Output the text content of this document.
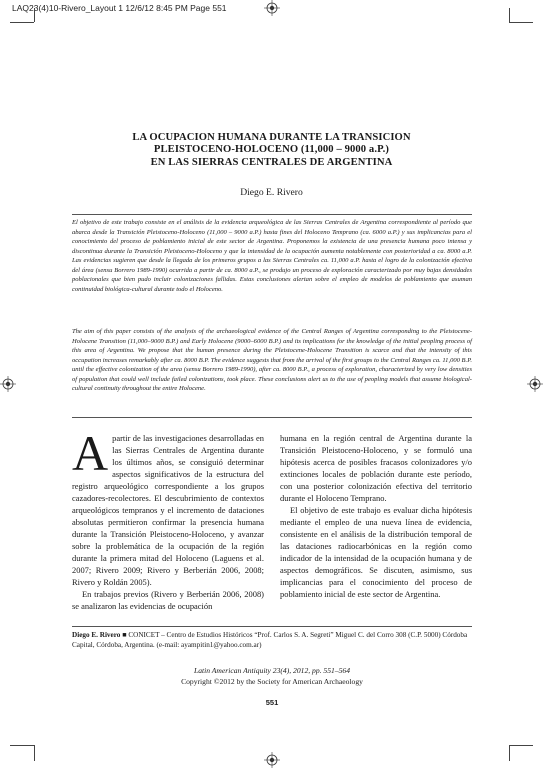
LAQ23(4)10-Rivero_Layout 1 12/6/12 8:45 PM Page 551
LA OCUPACION HUMANA DURANTE LA TRANSICION
PLEISTOCENO-HOLOCENO (11,000 – 9000 a.P.)
EN LAS SIERRAS CENTRALES DE ARGENTINA
Diego E. Rivero
El objetivo de este trabajo consiste en el análisis de la evidencia arqueológica de las Sierras Centrales de Argentina correspondiente al período que abarca desde la Transición Pleistoceno-Holoceno (11,000 – 9000 a.P.) hasta fines del Holoceno Temprano (ca. 6000 a.P.) y sus implicancias para el conocimiento del proceso de poblamiento inicial de este sector de Argentina. Proponemos la existencia de una presencia humana poco intensa y discontinua durante la Transición Pleistoceno-Holoceno y que la intensidad de la ocupación aumenta notablemente con posterioridad a ca. 8000 a.P. Las evidencias sugieren que desde la llegada de los primeros grupos a las Sierras Centrales ca. 11,000 a.P. hasta el logro de la colonización efectiva del área (sensu Borrero 1989-1990) ocurrida a partir de ca. 8000 a.P., se produjo un proceso de exploración caracterizado por muy bajas densidades poblacionales que bien pudo incluir colonizaciones fallidas. Estas conclusiones alertan sobre el empleo de modelos de poblamiento que asuman continuidad biológica-cultural durante todo el Holoceno.
The aim of this paper consists of the analysis of the archaeological evidence of the Central Ranges of Argentina corresponding to the Pleistocene-Holocene Transition (11,000–9000 B.P.) and Early Holocene (9000–6000 B.P.) and its implications for the knowledge of the initial peopling process of this area of Argentina. We propose that the human presence during the Pleistocene-Holocene Transition is scarce and that the intensity of this occupation increases remarkably after ca. 8000 B.P. The evidence suggests that from the arrival of the first groups to the Central Ranges ca. 11,000 B.P. until the effective colonization of the area (sensu Borrero 1989-1990), after ca. 8000 B.P., a process of exploration, characterized by very low densities of population that could well include failed colonizations, took place. These conclusions alert us to the use of peopling models that assume biological-cultural continuity throughout the entire Holocene.

Apartir de las investigaciones desarrolladas en las Sierras Centrales de Argentina durante los últimos años, se consiguió determinar aspectos significativos de la estructura del registro arqueológico correspondiente a los grupos cazadores-recolectores. El descubrimiento de contextos arqueológicos tempranos y el incremento de dataciones absolutas permitieron confirmar la presencia humana durante la Transición Pleistoceno-Holoceno, y avanzar sobre la problemática de la ocupación de la región durante la primera mitad del Holoceno (Laguens et al. 2007; Rivero 2009; Rivero y Berberián 2006, 2008; Rivero y Roldán 2005).

En trabajos previos (Rivero y Berberián 2006, 2008) se analizaron las evidencias de ocupación

humana en la región central de Argentina durante la Transición Pleistoceno-Holoceno, y se formuló una hipótesis acerca de posibles fracasos colonizadores y/o extinciones locales de población durante este período, con una posterior colonización efectiva del territorio durante el Holoceno Temprano.

El objetivo de este trabajo es evaluar dicha hipótesis mediante el empleo de una nueva línea de evidencia, consistente en el análisis de la distribución temporal de las dataciones radiocarbónicas en la región como indicador de la intensidad de la ocupación humana y de aspectos demográficos. Se discuten, asimismo, sus implicancias para el conocimiento del proceso de poblamiento inicial de este sector de Argentina.

Diego E. Rivero ■ CONICET – Centro de Estudios Históricos “Prof. Carlos S. A. Segreti” Miguel C. del Corro 308 (C.P. 5000) Córdoba Capital, Córdoba, Argentina. (e-mail: ayampitin1@yahoo.com.ar)
Latin American Antiquity 23(4), 2012, pp. 551–564
Copyright ©2012 by the Society for American Archaeology
551
